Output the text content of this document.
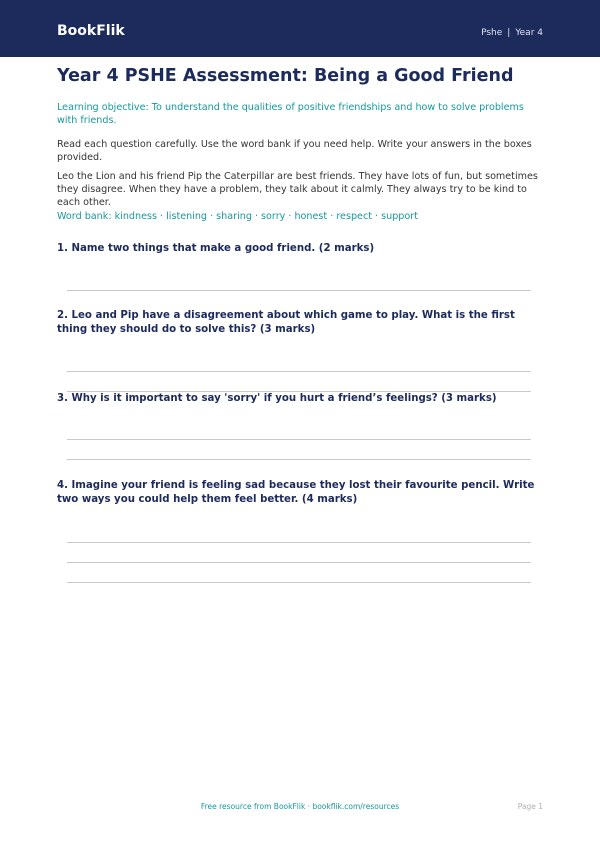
BookFlik	Pshe | Year 4
Year 4 PSHE Assessment: Being a Good Friend

Learning objective: To understand the qualities of positive friendships and how to solve problems with friends.

Read each question carefully. Use the word bank if you need help. Write your answers in the boxes provided.

Leo the Lion and his friend Pip the Caterpillar are best friends. They have lots of fun, but sometimes they disagree. When they have a problem, they talk about it calmly. They always try to be kind to each other.

Word bank: kindness · listening · sharing · sorry · honest · respect · support

1. Name two things that make a good friend. (2 marks)

2. Leo and Pip have a disagreement about which game to play. What is the first thing they should do to solve this? (3 marks)

3. Why is it important to say 'sorry' if you hurt a friend’s feelings? (3 marks)

4. Imagine your friend is feeling sad because they lost their favourite pencil. Write two ways you could help them feel better. (4 marks)

Free resource from BookFlik · bookflik.com/resources	Page 1
